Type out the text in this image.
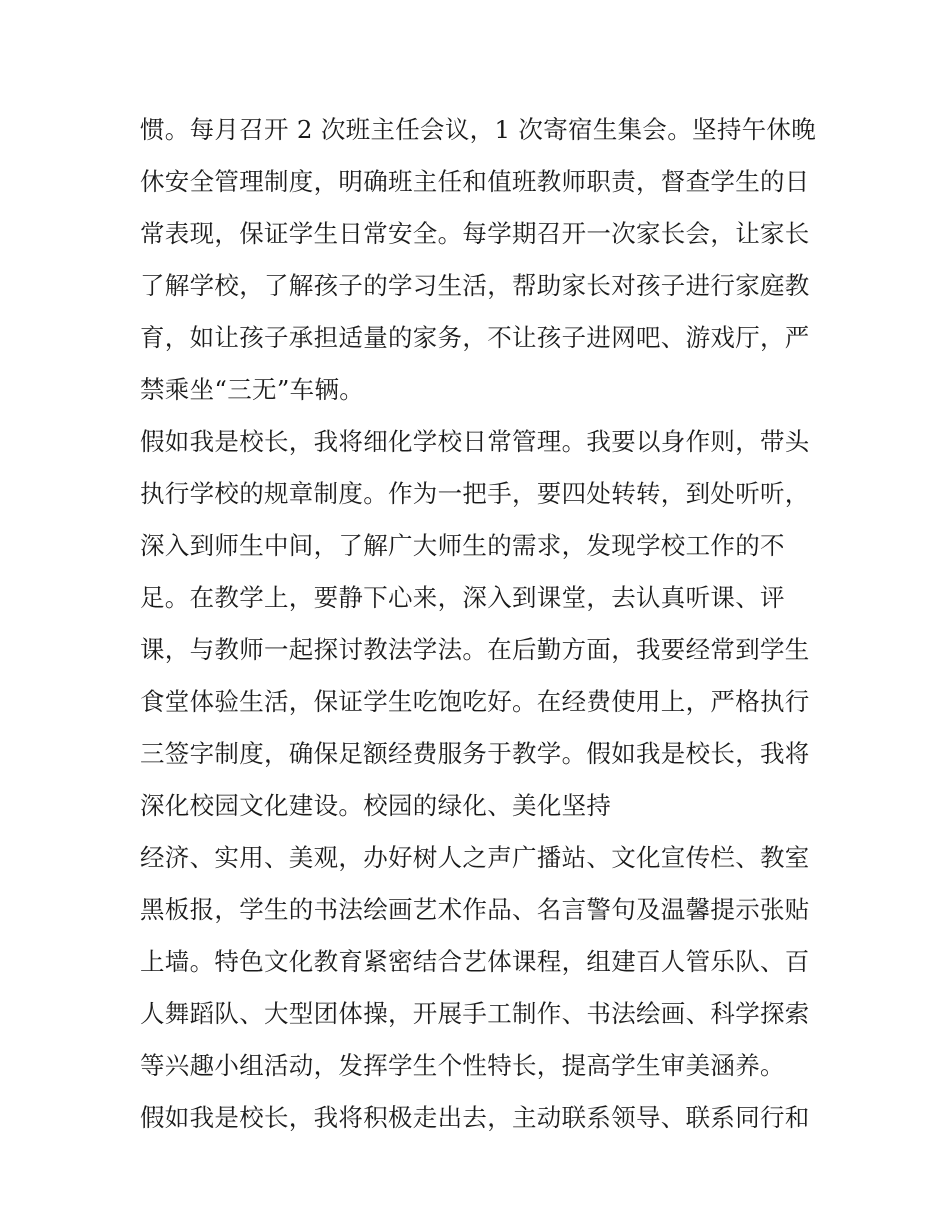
惯。每月召开 2 次班主任会议，1 次寄宿生集会。坚持午休晚
休安全管理制度，明确班主任和值班教师职责，督查学生的日
常表现，保证学生日常安全。每学期召开一次家长会，让家长
了解学校，了解孩子的学习生活，帮助家长对孩子进行家庭教
育，如让孩子承担适量的家务，不让孩子进网吧、游戏厅，严
禁乘坐“三无”车辆。
假如我是校长，我将细化学校日常管理。我要以身作则，带头
执行学校的规章制度。作为一把手，要四处转转，到处听听，
深入到师生中间，了解广大师生的需求，发现学校工作的不
足。在教学上，要静下心来，深入到课堂，去认真听课、评
课，与教师一起探讨教法学法。在后勤方面，我要经常到学生
食堂体验生活，保证学生吃饱吃好。在经费使用上，严格执行
三签字制度，确保足额经费服务于教学。假如我是校长，我将
深化校园文化建设。校园的绿化、美化坚持
经济、实用、美观，办好树人之声广播站、文化宣传栏、教室
黑板报，学生的书法绘画艺术作品、名言警句及温馨提示张贴
上墙。特色文化教育紧密结合艺体课程，组建百人管乐队、百
人舞蹈队、大型团体操，开展手工制作、书法绘画、科学探索
等兴趣小组活动，发挥学生个性特长，提高学生审美涵养。
假如我是校长，我将积极走出去，主动联系领导、联系同行和
